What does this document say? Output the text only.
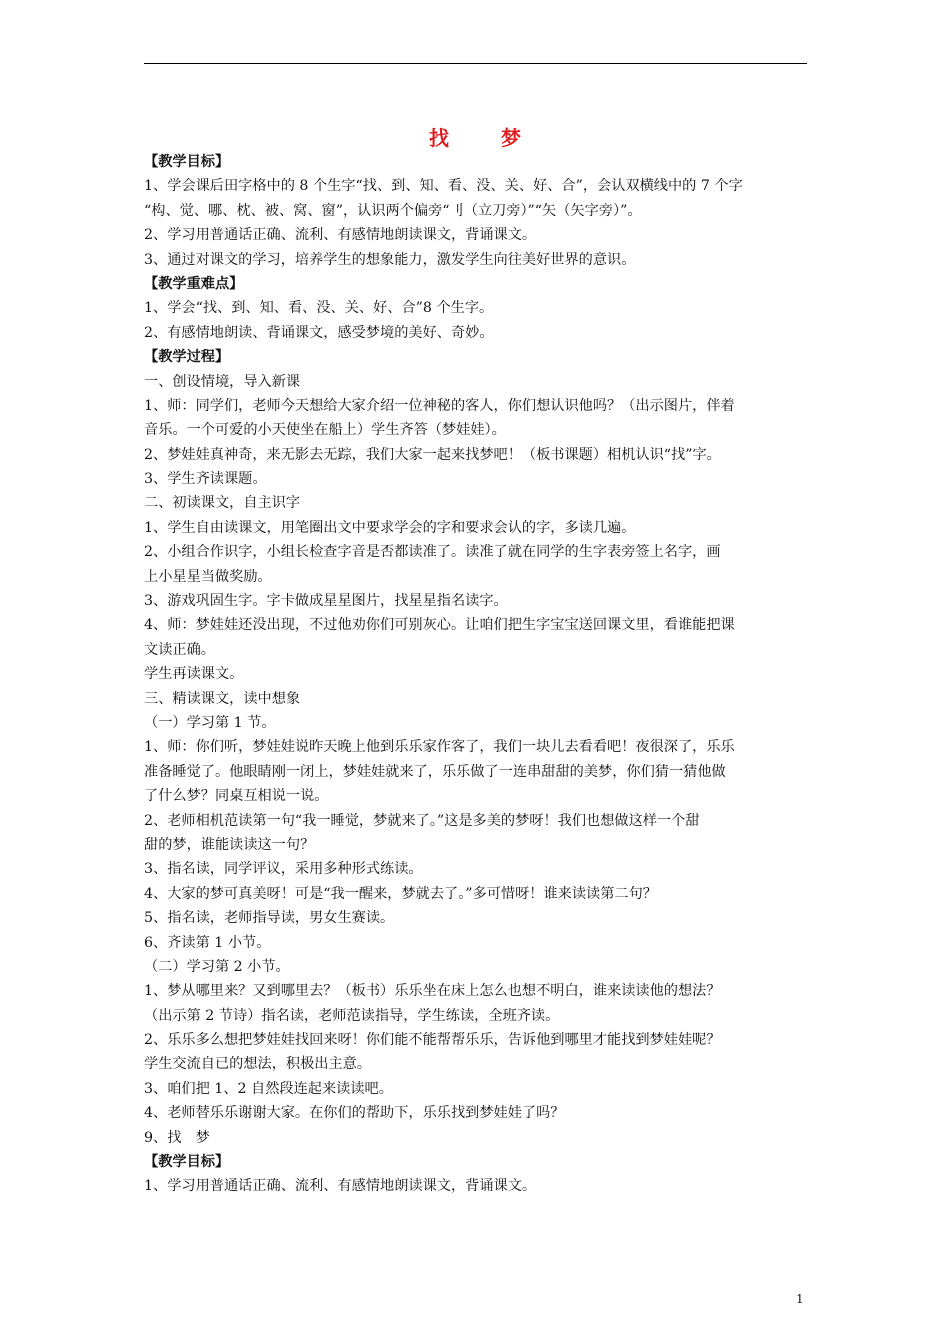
找　梦
【教学目标】
1、学会课后田字格中的 8 个生字“找、到、知、看、没、关、好、合”，会认双横线中的 7 个字
“构、觉、哪、枕、被、窝、窗”，认识两个偏旁“刂（立刀旁）”“矢（矢字旁）”。
2、学习用普通话正确、流利、有感情地朗读课文，背诵课文。
3、通过对课文的学习，培养学生的想象能力，激发学生向往美好世界的意识。
【教学重难点】
1、学会“找、到、知、看、没、关、好、合”8 个生字。
2、有感情地朗读、背诵课文，感受梦境的美好、奇妙。
【教学过程】
一、创设情境，导入新课
1、师：同学们，老师今天想给大家介绍一位神秘的客人，你们想认识他吗？（出示图片，伴着
音乐。一个可爱的小天使坐在船上）学生齐答（梦娃娃）。
2、梦娃娃真神奇，来无影去无踪，我们大家一起来找梦吧！（板书课题）相机认识“找”字。
3、学生齐读课题。
二、初读课文，自主识字
1、学生自由读课文，用笔圈出文中要求学会的字和要求会认的字，多读几遍。
2、小组合作识字，小组长检查字音是否都读准了。读准了就在同学的生字表旁签上名字，画
上小星星当做奖励。
3、游戏巩固生字。字卡做成星星图片，找星星指名读字。
4、师：梦娃娃还没出现，不过他劝你们可别灰心。让咱们把生字宝宝送回课文里，看谁能把课
文读正确。
学生再读课文。
三、精读课文，读中想象
（一）学习第 1 节。
1、师：你们听，梦娃娃说昨天晚上他到乐乐家作客了，我们一块儿去看看吧！夜很深了，乐乐
准备睡觉了。他眼睛刚一闭上，梦娃娃就来了，乐乐做了一连串甜甜的美梦，你们猜一猜他做
了什么梦？同桌互相说一说。
2、老师相机范读第一句“我一睡觉，梦就来了。”这是多美的梦呀！我们也想做这样一个甜
甜的梦，谁能读读这一句？
3、指名读，同学评议，采用多种形式练读。
4、大家的梦可真美呀！可是“我一醒来，梦就去了。”多可惜呀！谁来读读第二句？
5、指名读，老师指导读，男女生赛读。
6、齐读第 1 小节。
（二）学习第 2 小节。
1、梦从哪里来？又到哪里去？（板书）乐乐坐在床上怎么也想不明白，谁来读读他的想法？
（出示第 2 节诗）指名读，老师范读指导，学生练读，全班齐读。
2、乐乐多么想把梦娃娃找回来呀！你们能不能帮帮乐乐，告诉他到哪里才能找到梦娃娃呢？
学生交流自已的想法，积极出主意。
3、咱们把 1、2 自然段连起来读读吧。
4、老师替乐乐谢谢大家。在你们的帮助下，乐乐找到梦娃娃了吗？
9、找　梦
【教学目标】
1、学习用普通话正确、流利、有感情地朗读课文，背诵课文。
1
